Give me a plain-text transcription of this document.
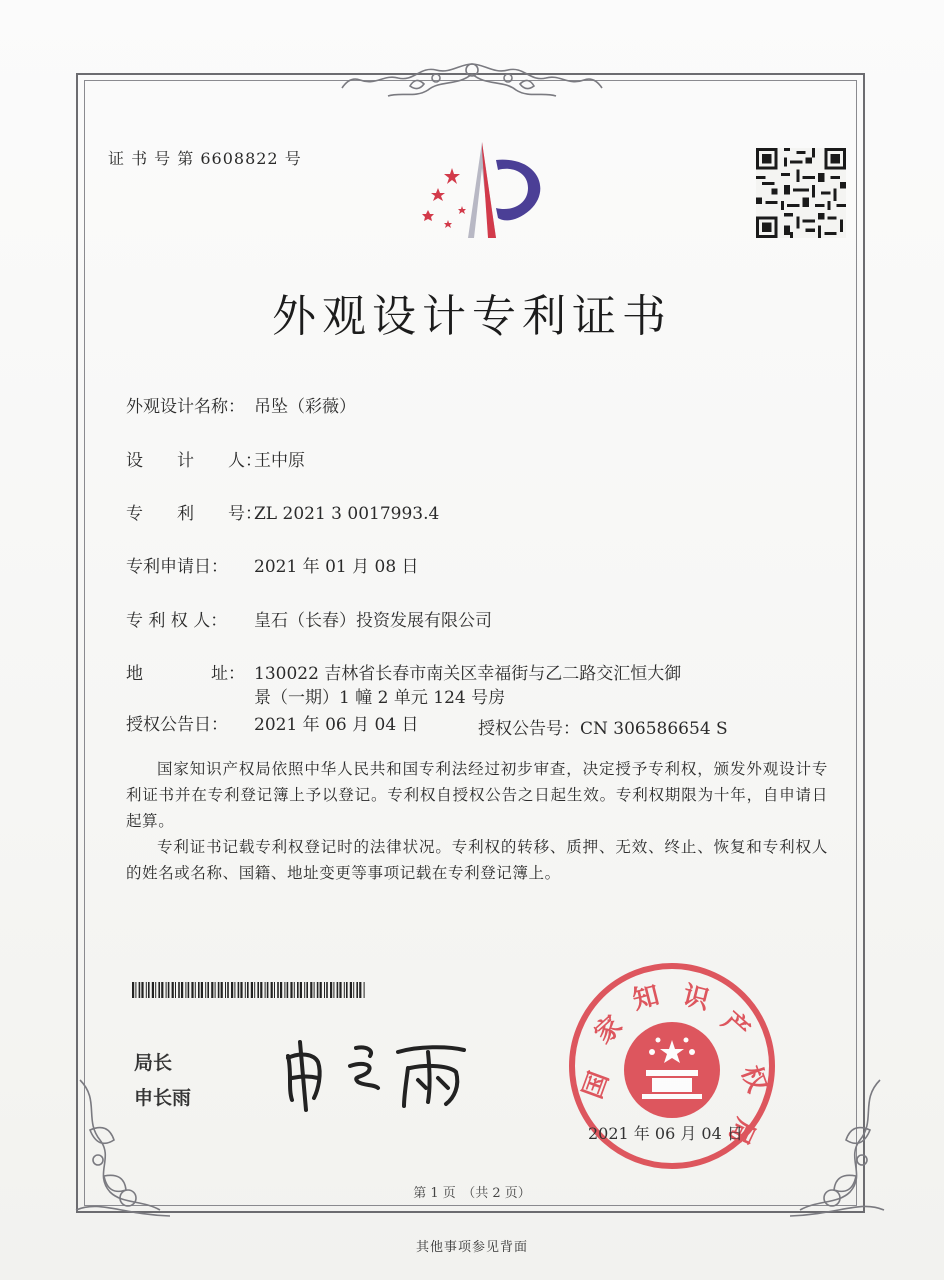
证 书 号 第 6608822 号
外观设计专利证书
外观设计名称： 吊坠（彩薇）
设　　计　　人：王中原
专　　利　　号：ZL 2021 3 0017993.4
专利申请日： 2021 年 01 月 08 日
专 利 权 人： 皇石（长春）投资发展有限公司
地　　　　址： 130022 吉林省长春市南关区幸福街与乙二路交汇恒大御
景（一期）1 幢 2 单元 124 号房
授权公告日： 2021 年 06 月 04 日	授权公告号：CN 306586654 S
国家知识产权局依照中华人民共和国专利法经过初步审查，决定授予专利权，颁发外观设计专利证书并在专利登记簿上予以登记。专利权自授权公告之日起生效。专利权期限为十年，自申请日起算。
专利证书记载专利权登记时的法律状况。专利权的转移、质押、无效、终止、恢复和专利权人的姓名或名称、国籍、地址变更等事项记载在专利登记簿上。
局长
申长雨	国
家
知 识
产
权
局
2021 年 06 月 04 日
第 1 页　（共 2 页）
其他事项参见背面
